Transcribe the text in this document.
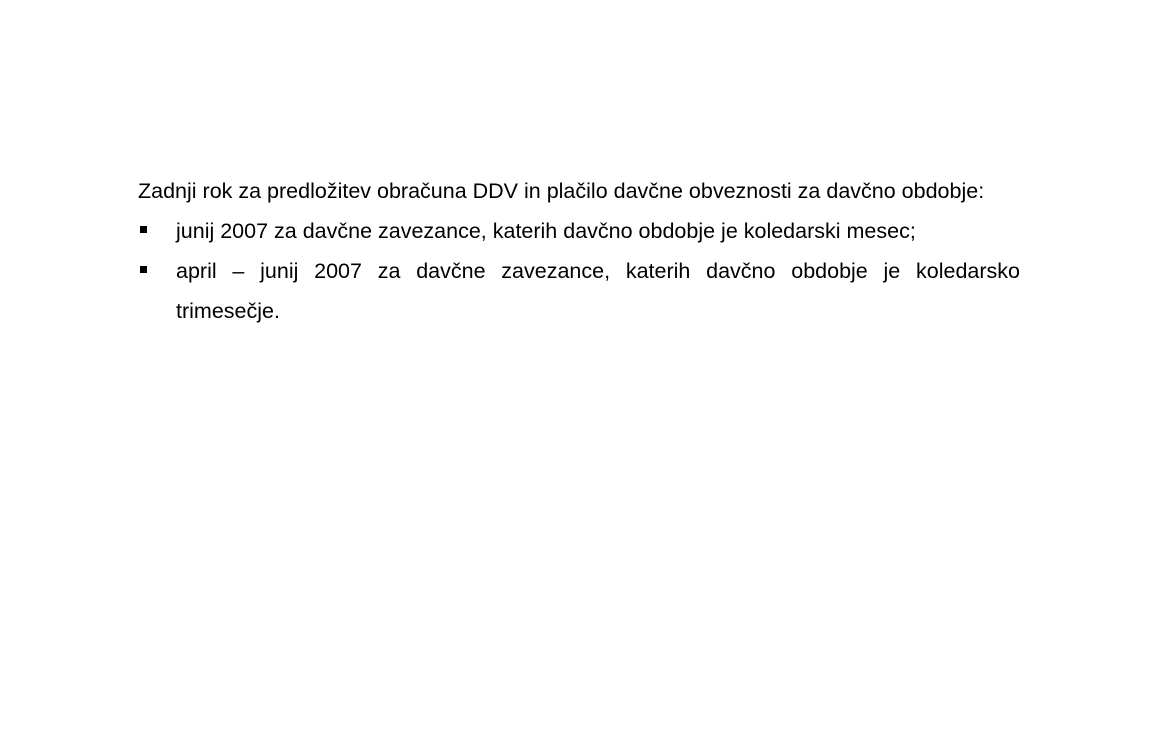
Zadnji rok za predložitev obračuna DDV in plačilo davčne obveznosti za davčno obdobje:

junij 2007 za davčne zavezance, katerih davčno obdobje je koledarski mesec;
april – junij 2007 za davčne zavezance, katerih davčno obdobje je koledarsko trimesečje.
